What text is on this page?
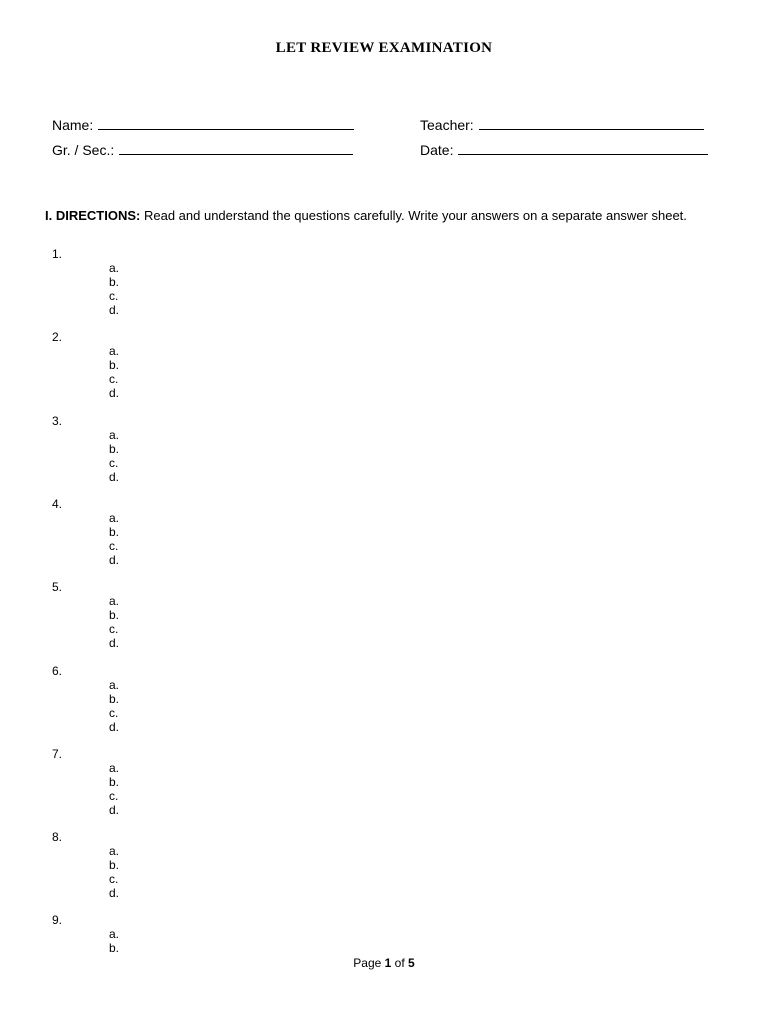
LET REVIEW EXAMINATION
Name:	Teacher:
Gr. / Sec.:	Date:
I. DIRECTIONS: Read and understand the questions carefully. Write your answers on a separate answer sheet.
1.
a.
b.
c.
d.
2.
a.
b.
c.
d.
3.
a.
b.
c.
d.
4.
a.
b.
c.
d.
5.
a.
b.
c.
d.
6.
a.
b.
c.
d.
7.
a.
b.
c.
d.
8.
a.
b.
c.
d.
9.
a.
b.
Page 1 of 5
